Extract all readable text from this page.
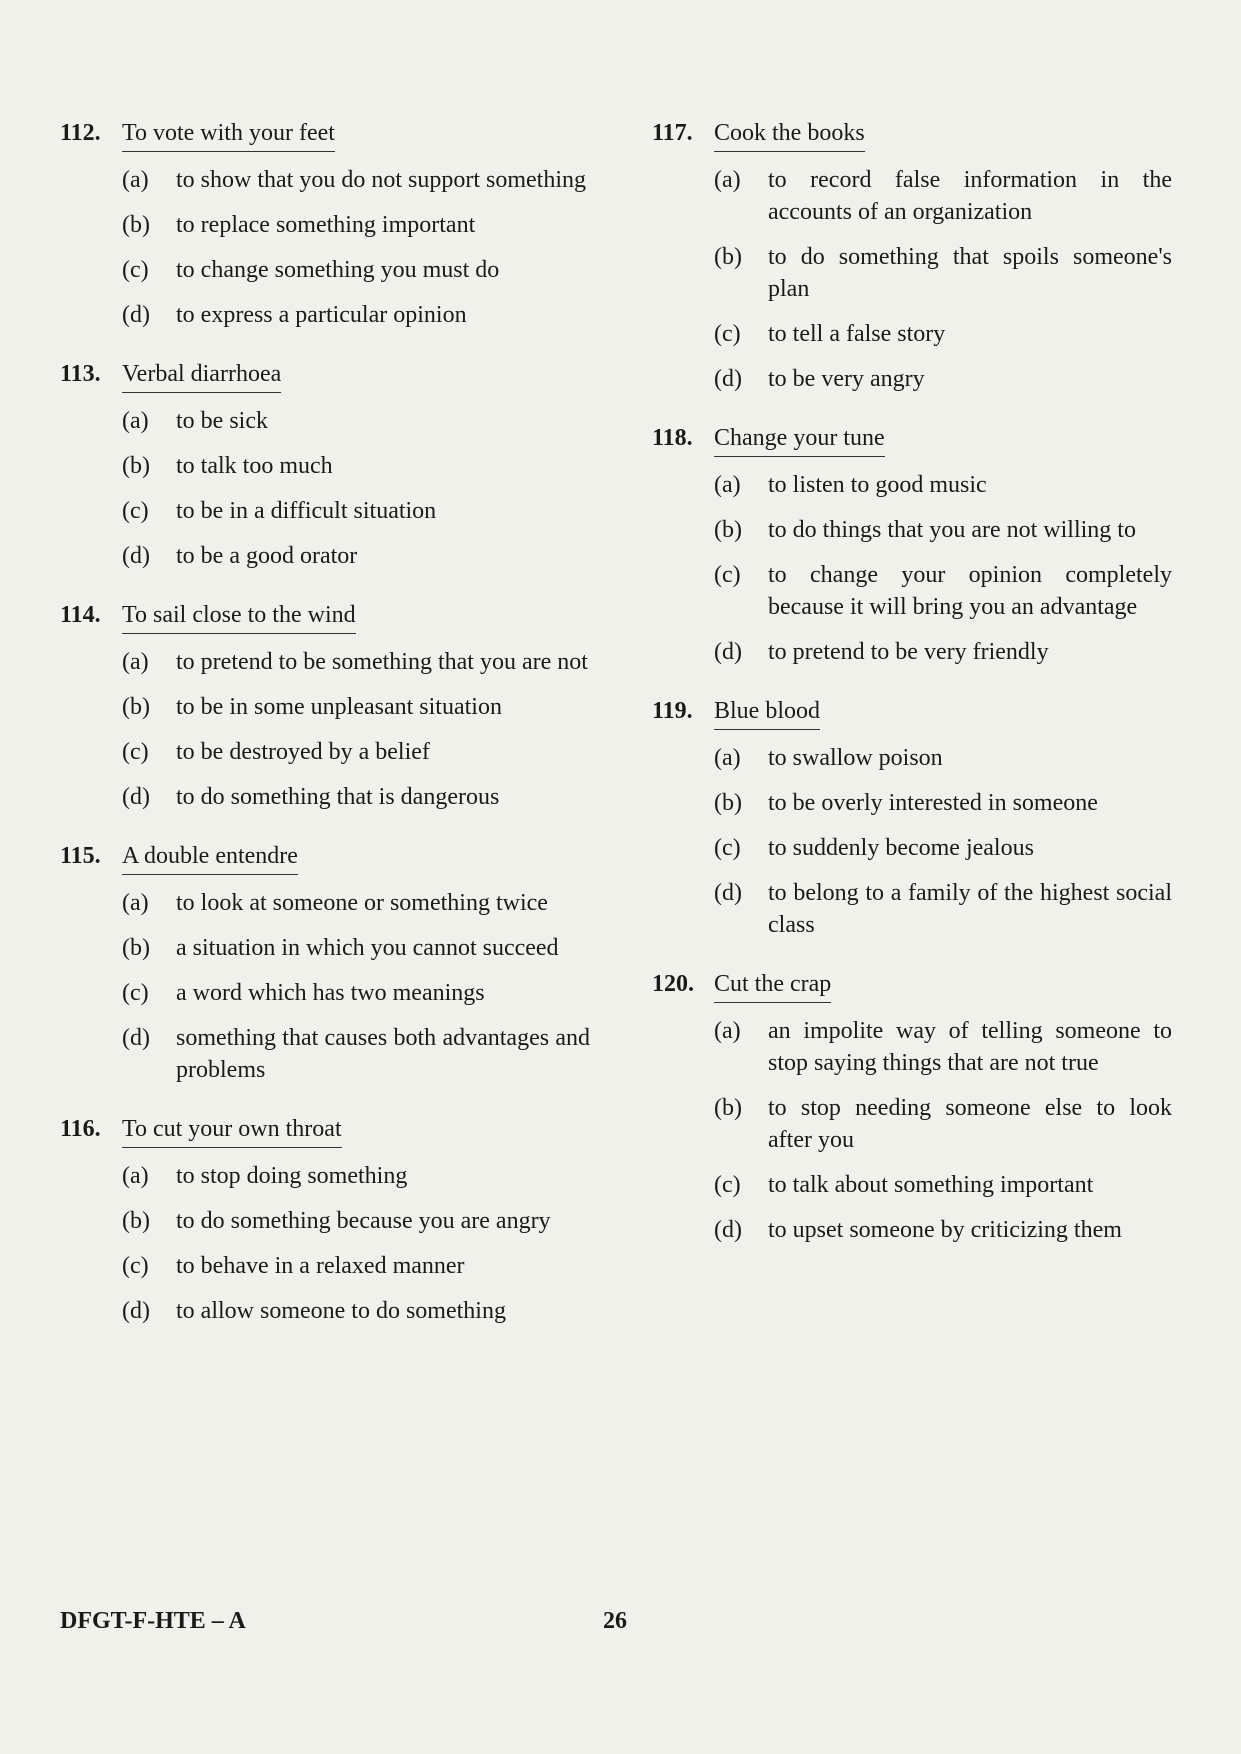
112. To vote with your feet
(a)	to show that you do not support something
(b)	to replace something important
(c)	to change something you must do
(d)	to express a particular opinion
113. Verbal diarrhoea
(a)	to be sick
(b)	to talk too much
(c)	to be in a difficult situation
(d)	to be a good orator
114. To sail close to the wind
(a)	to pretend to be something that you are not
(b)	to be in some unpleasant situation
(c)	to be destroyed by a belief
(d)	to do something that is dangerous
115. A double entendre
(a)	to look at someone or something twice
(b)	a situation in which you cannot succeed
(c)	a word which has two meanings
(d)	something that causes both advantages and problems
116. To cut your own throat
(a)	to stop doing something
(b)	to do something because you are angry
(c)	to behave in a relaxed manner
(d)	to allow someone to do something
117. Cook the books
(a)	to record false information in the accounts of an organization
(b)	to do something that spoils someone's plan
(c)	to tell a false story
(d)	to be very angry
118. Change your tune
(a)	to listen to good music
(b)	to do things that you are not willing to
(c)	to change your opinion completely because it will bring you an advantage
(d)	to pretend to be very friendly
119. Blue blood
(a)	to swallow poison
(b)	to be overly interested in someone
(c)	to suddenly become jealous
(d)	to belong to a family of the highest social class
120. Cut the crap
(a)	an impolite way of telling someone to stop saying things that are not true
(b)	to stop needing someone else to look after you
(c)	to talk about something important
(d)	to upset someone by criticizing them
DFGT-F-HTE – A	26
